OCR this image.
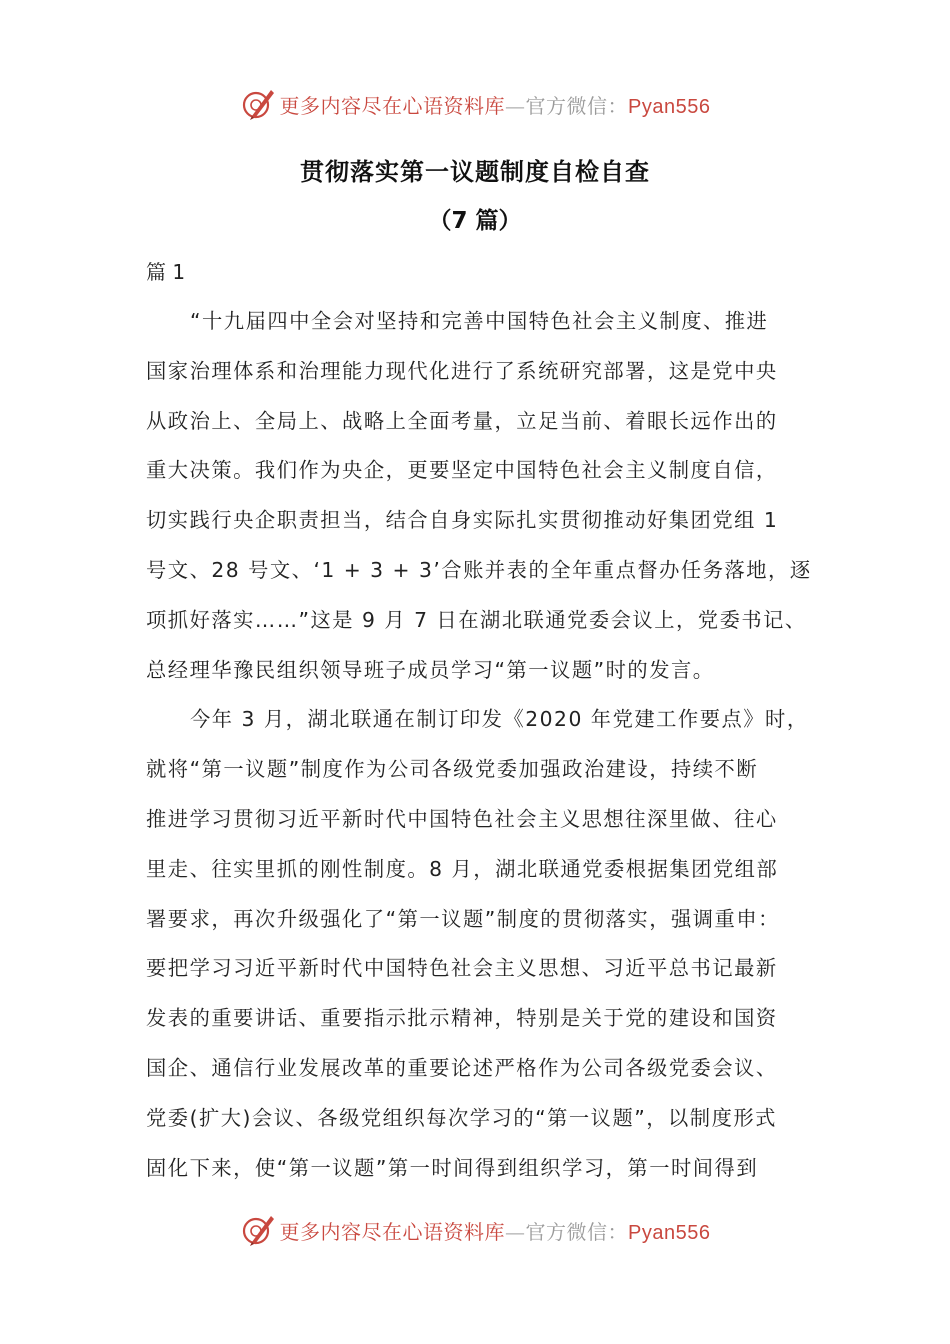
更多内容尽在心语资料库—官方微信：Pyan556
贯彻落实第一议题制度自检自查
（7 篇）
篇 1
“十九届四中全会对坚持和完善中国特色社会主义制度、推进
国家治理体系和治理能力现代化进行了系统研究部署，这是党中央
从政治上、全局上、战略上全面考量，立足当前、着眼长远作出的
重大决策。我们作为央企，更要坚定中国特色社会主义制度自信，
切实践行央企职责担当，结合自身实际扎实贯彻推动好集团党组 1
号文、28 号文、‘1 + 3 + 3’合账并表的全年重点督办任务落地，逐
项抓好落实……”这是 9 月 7 日在湖北联通党委会议上，党委书记、
总经理华豫民组织领导班子成员学习“第一议题”时的发言。
今年 3 月，湖北联通在制订印发《2020 年党建工作要点》时，
就将“第一议题”制度作为公司各级党委加强政治建设，持续不断
推进学习贯彻习近平新时代中国特色社会主义思想往深里做、往心
里走、往实里抓的刚性制度。8 月，湖北联通党委根据集团党组部
署要求，再次升级强化了“第一议题”制度的贯彻落实，强调重申：
要把学习习近平新时代中国特色社会主义思想、习近平总书记最新
发表的重要讲话、重要指示批示精神，特别是关于党的建设和国资
国企、通信行业发展改革的重要论述严格作为公司各级党委会议、
党委(扩大)会议、各级党组织每次学习的“第一议题”，以制度形式
固化下来，使“第一议题”第一时间得到组织学习，第一时间得到
更多内容尽在心语资料库—官方微信：Pyan556
